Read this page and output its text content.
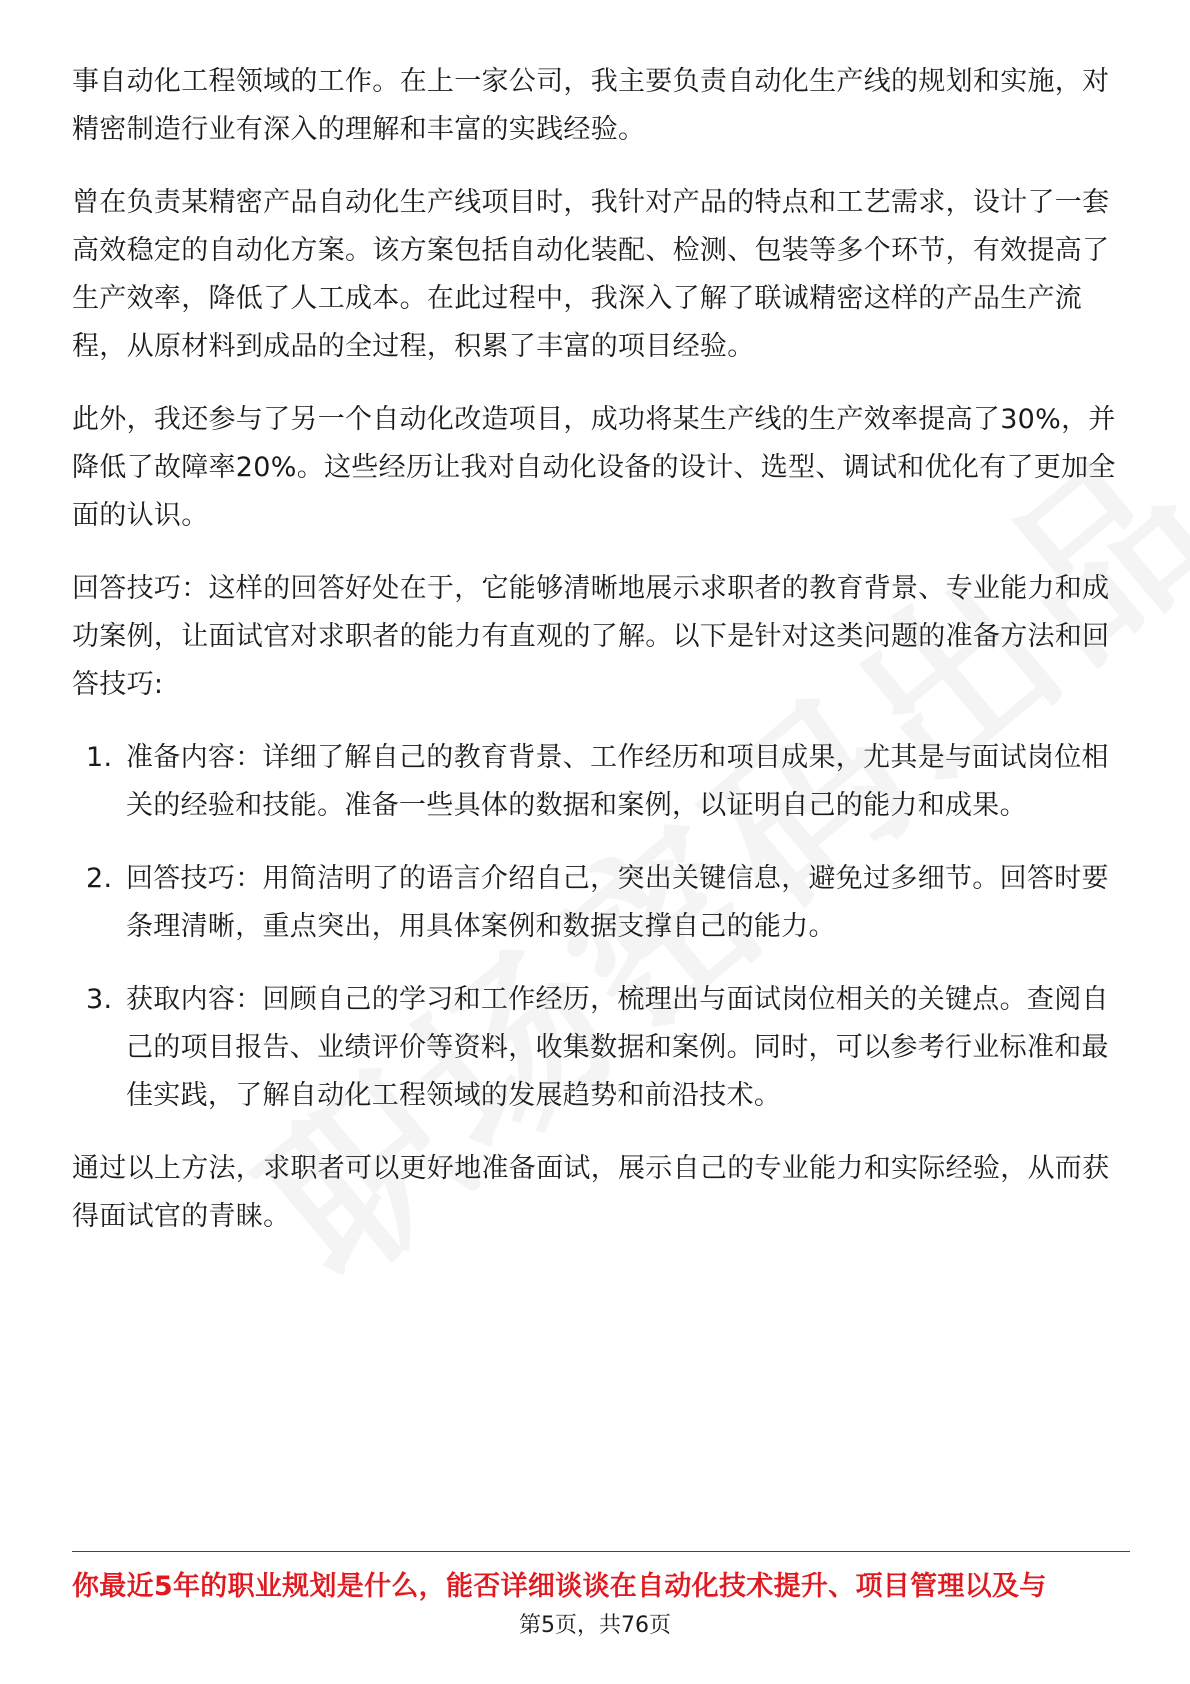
事自动化工程领域的工作。在上一家公司，我主要负责自动化生产线的规划和实施，对精密制造行业有深入的理解和丰富的实践经验。

曾在负责某精密产品自动化生产线项目时，我针对产品的特点和工艺需求，设计了一套高效稳定的自动化方案。该方案包括自动化装配、检测、包装等多个环节，有效提高了生产效率，降低了人工成本。在此过程中，我深入了解了联诚精密这样的产品生产流程，从原材料到成品的全过程，积累了丰富的项目经验。

此外，我还参与了另一个自动化改造项目，成功将某生产线的生产效率提高了30%，并降低了故障率20%。这些经历让我对自动化设备的设计、选型、调试和优化有了更加全面的认识。

回答技巧：这样的回答好处在于，它能够清晰地展示求职者的教育背景、专业能力和成功案例，让面试官对求职者的能力有直观的了解。以下是针对这类问题的准备方法和回答技巧:

1. 准备内容：详细了解自己的教育背景、工作经历和项目成果，尤其是与面试岗位相关的经验和技能。准备一些具体的数据和案例，以证明自己的能力和成果。
2. 回答技巧：用简洁明了的语言介绍自己，突出关键信息，避免过多细节。回答时要条理清晰，重点突出，用具体案例和数据支撑自己的能力。
3. 获取内容：回顾自己的学习和工作经历，梳理出与面试岗位相关的关键点。查阅自己的项目报告、业绩评价等资料，收集数据和案例。同时，可以参考行业标准和最佳实践，了解自动化工程领域的发展趋势和前沿技术。

通过以上方法，求职者可以更好地准备面试，展示自己的专业能力和实际经验，从而获得面试官的青睐。

你最近5年的职业规划是什么，能否详细谈谈在自动化技术提升、项目管理以及与
第5页，共76页
